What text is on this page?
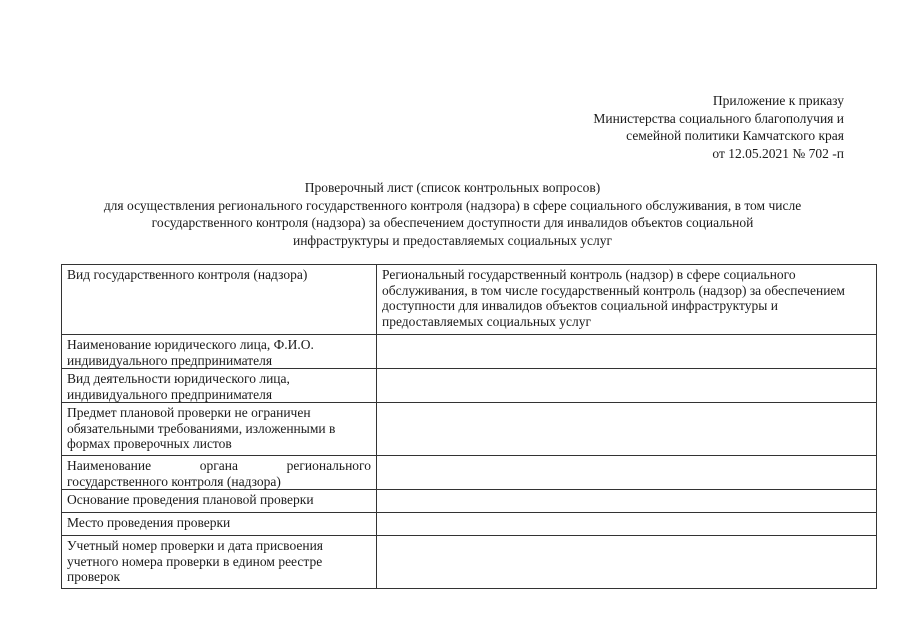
Приложение к приказу
Министерства социального благополучия и
семейной политики Камчатского края
от 12.05.2021 № 702 -п
Проверочный лист (список контрольных вопросов)
для осуществления регионального государственного контроля (надзора) в сфере социального обслуживания, в том числе
государственного контроля (надзора) за обеспечением доступности для инвалидов объектов социальной
инфраструктуры и предоставляемых социальных услуг
Вид государственного контроля (надзора)	Региональный государственный контроль (надзор) в сфере социального обслуживания, в том числе государственный контроль (надзор) за обеспечением доступности для инвалидов объектов социальной инфраструктуры и предоставляемых социальных услуг
Наименование юридического лица, Ф.И.О. индивидуального предпринимателя	
Вид деятельности юридического лица, индивидуального предпринимателя	
Предмет плановой проверки не ограничен обязательными требованиями, изложенными в формах проверочных листов	
Наименование органа регионального государственного контроля (надзора)	
Основание проведения плановой проверки	
Место проведения проверки	
Учетный номер проверки и дата присвоения учетного номера проверки в едином реестре проверок	
